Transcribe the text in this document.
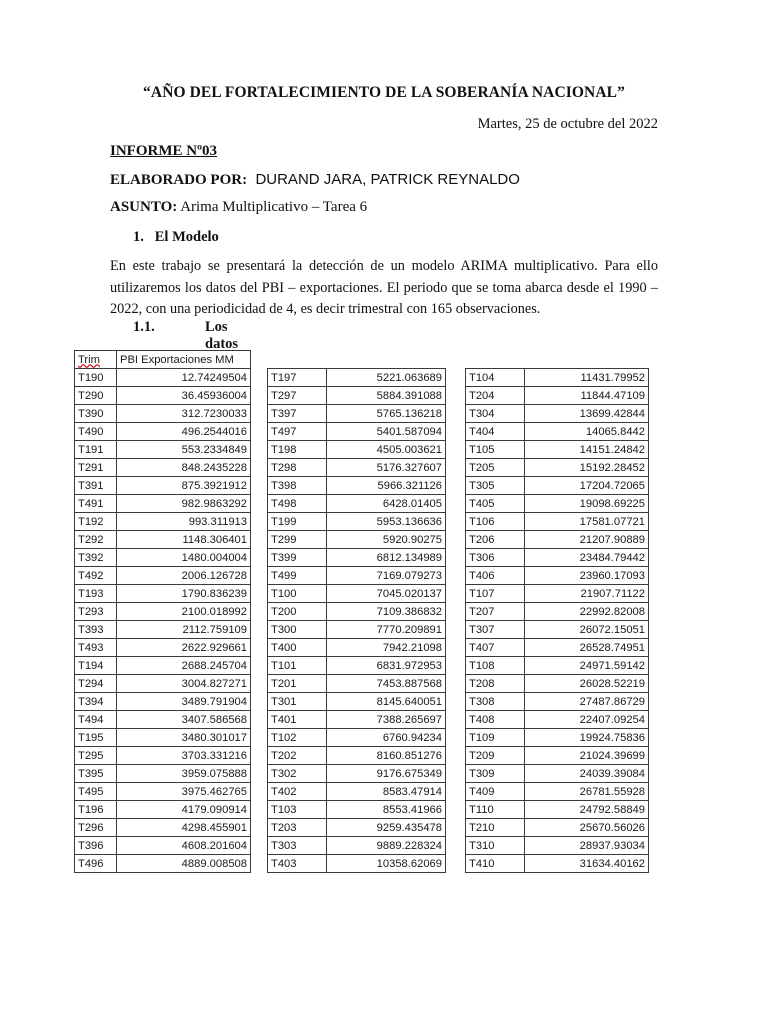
“AÑO DEL FORTALECIMIENTO DE LA SOBERANÍA NACIONAL”
Martes, 25 de octubre del 2022
INFORME Nº03
ELABORADO POR: DURAND JARA, PATRICK REYNALDO
ASUNTO: Arima Multiplicativo – Tarea 6
1. El Modelo
En este trabajo se presentará la detección de un modelo ARIMA multiplicativo. Para ello utilizaremos los datos del PBI – exportaciones. El periodo que se toma abarca desde el 1990 – 2022, con una periodicidad de 4, es decir trimestral con 165 observaciones.
1.1.	Los datos
Trim	PBI Exportaciones MM
T190	12.74249504
T290	36.45936004
T390	312.7230033
T490	496.2544016
T191	553.2334849
T291	848.2435228
T391	875.3921912
T491	982.9863292
T192	993.311913
T292	1148.306401
T392	1480.004004
T492	2006.126728
T193	1790.836239
T293	2100.018992
T393	2112.759109
T493	2622.929661
T194	2688.245704
T294	3004.827271
T394	3489.791904
T494	3407.586568
T195	3480.301017
T295	3703.331216
T395	3959.075888
T495	3975.462765
T196	4179.090914
T296	4298.455901
T396	4608.201604
T496	4889.008508
T197	5221.063689
T297	5884.391088
T397	5765.136218
T497	5401.587094
T198	4505.003621
T298	5176.327607
T398	5966.321126
T498	6428.01405
T199	5953.136636
T299	5920.90275
T399	6812.134989
T499	7169.079273
T100	7045.020137
T200	7109.386832
T300	7770.209891
T400	7942.21098
T101	6831.972953
T201	7453.887568
T301	8145.640051
T401	7388.265697
T102	6760.94234
T202	8160.851276
T302	9176.675349
T402	8583.47914
T103	8553.41966
T203	9259.435478
T303	9889.228324
T403	10358.62069
T104	11431.79952
T204	11844.47109
T304	13699.42844
T404	14065.8442
T105	14151.24842
T205	15192.28452
T305	17204.72065
T405	19098.69225
T106	17581.07721
T206	21207.90889
T306	23484.79442
T406	23960.17093
T107	21907.71122
T207	22992.82008
T307	26072.15051
T407	26528.74951
T108	24971.59142
T208	26028.52219
T308	27487.86729
T408	22407.09254
T109	19924.75836
T209	21024.39699
T309	24039.39084
T409	26781.55928
T110	24792.58849
T210	25670.56026
T310	28937.93034
T410	31634.40162
